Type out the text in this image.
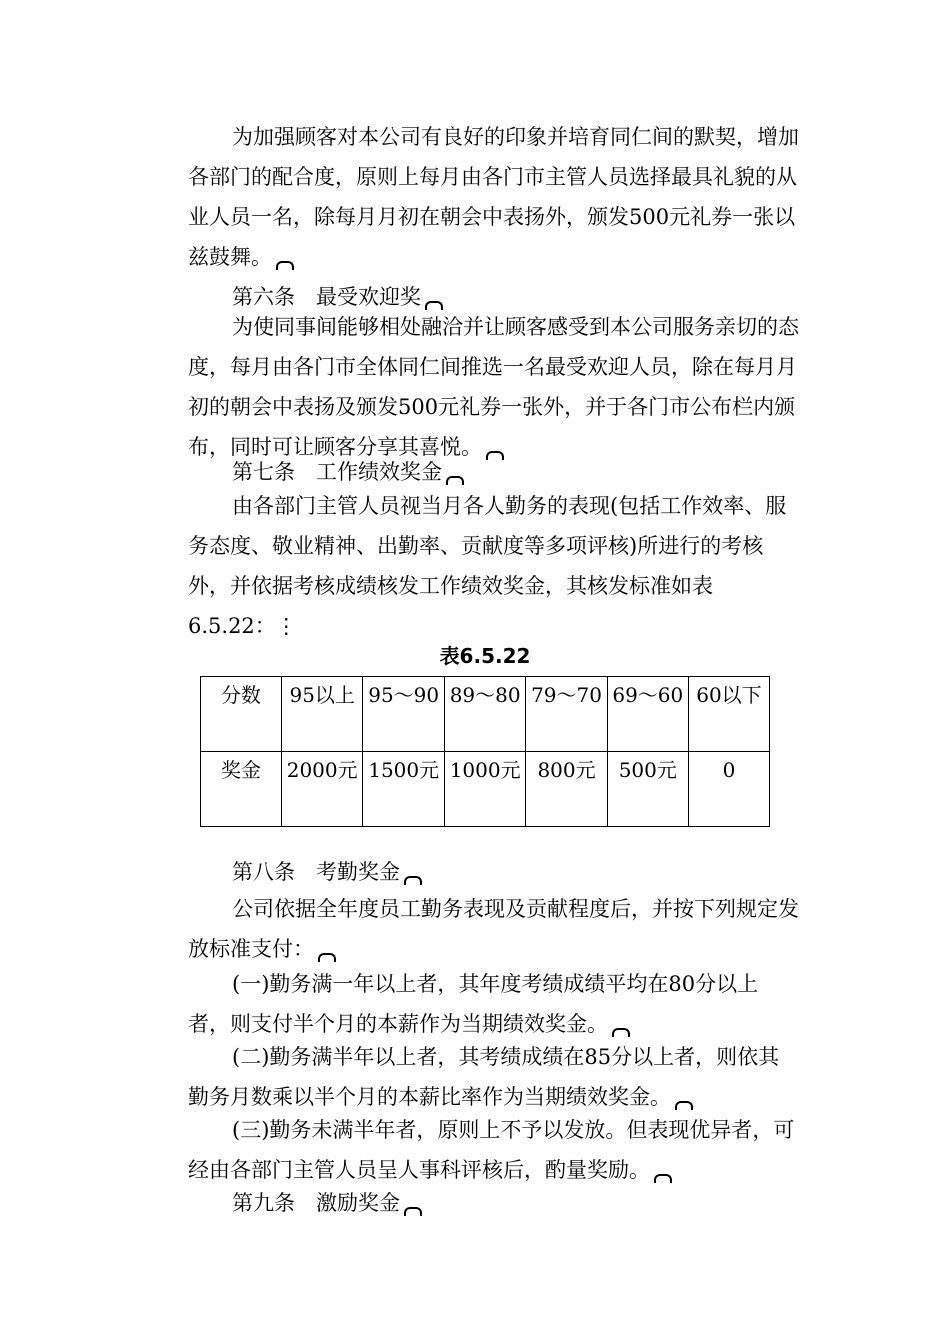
为加强顾客对本公司有良好的印象并培育同仁间的默契，增加各部门的配合度，原则上每月由各门市主管人员选择最具礼貌的从业人员一名，除每月月初在朝会中表扬外，颁发500元礼券一张以兹鼓舞。

第六条　最受欢迎奖

为使同事间能够相处融洽并让顾客感受到本公司服务亲切的态度，每月由各门市全体同仁间推选一名最受欢迎人员，除在每月月初的朝会中表扬及颁发500元礼券一张外，并于各门市公布栏内颁布，同时可让顾客分享其喜悦。

第七条　工作绩效奖金

由各部门主管人员视当月各人勤务的表现(包括工作效率、服务态度、敬业精神、出勤率、贡献度等多项评核)所进行的考核外，并依据考核成绩核发工作绩效奖金，其核发标准如表6.5.22：⋮

表6.5.22
分数	95以上	95～90	89～80	79～70	69～60	60以下
奖金	2000元	1500元	1000元	800元	500元	0

第八条　考勤奖金

公司依据全年度员工勤务表现及贡献程度后，并按下列规定发放标准支付：

(一)勤务满一年以上者，其年度考绩成绩平均在80分以上者，则支付半个月的本薪作为当期绩效奖金。

(二)勤务满半年以上者，其考绩成绩在85分以上者，则依其勤务月数乘以半个月的本薪比率作为当期绩效奖金。

(三)勤务未满半年者，原则上不予以发放。但表现优异者，可经由各部门主管人员呈人事科评核后，酌量奖励。

第九条　激励奖金
